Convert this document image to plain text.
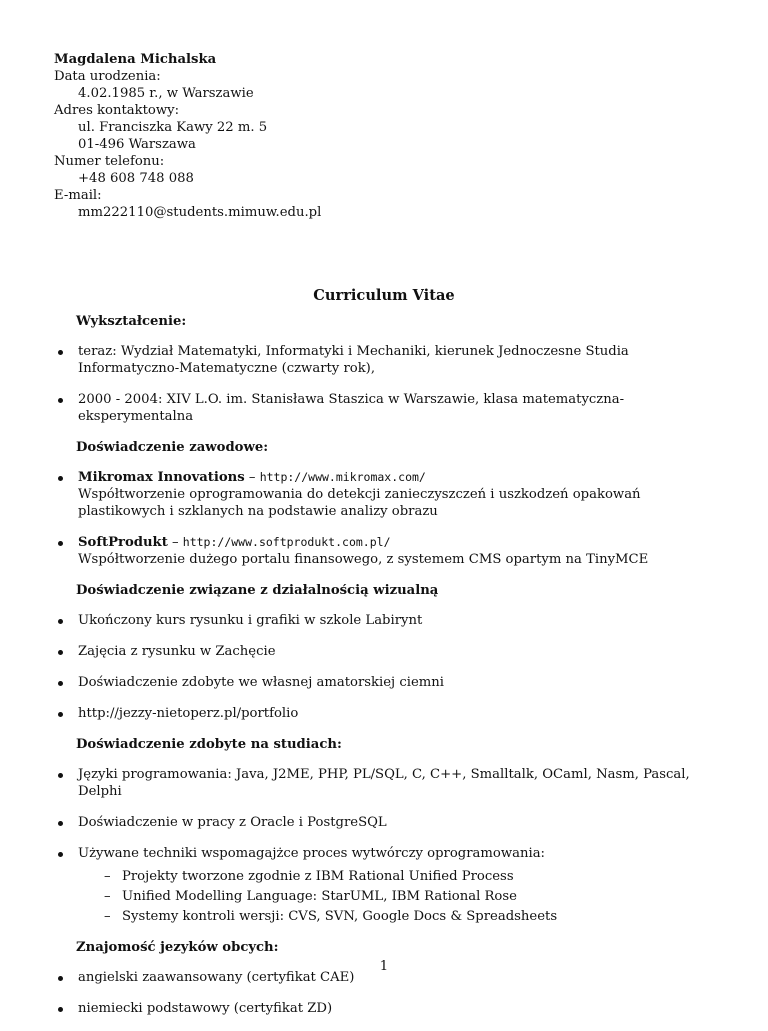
Magdalena Michalska
Data urodzenia:
4.02.1985 r., w Warszawie
Adres kontaktowy:
ul. Franciszka Kawy 22 m. 5
01-496 Warszawa
Numer telefonu:
+48 608 748 088
E-mail:
mm222110@students.mimuw.edu.pl
Curriculum Vitae
Wykształcenie:
teraz: Wydział Matematyki, Informatyki i Mechaniki, kierunek Jednoczesne Studia Informatyczno-Matematyczne (czwarty rok),
2000 - 2004: XIV L.O. im. Stanisława Staszica w Warszawie, klasa matematyczna-eksperymentalna
Doświadczenie zawodowe:
Mikromax Innovations – http://www.mikromax.com/
Współtworzenie oprogramowania do detekcji zanieczyszczeń i uszkodzeń opakowań plastikowych i szklanych na podstawie analizy obrazu
SoftProdukt – http://www.softprodukt.com.pl/
Współtworzenie dużego portalu finansowego, z systemem CMS opartym na TinyMCE
Doświadczenie związane z działalnością wizualną
Ukończony kurs rysunku i grafiki w szkole Labirynt
Zajęcia z rysunku w Zachęcie
Doświadczenie zdobyte we własnej amatorskiej ciemni
http://jezzy-nietoperz.pl/portfolio
Doświadczenie zdobyte na studiach:
Języki programowania: Java, J2ME, PHP, PL/SQL, C, C++, Smalltalk, OCaml, Nasm, Pascal, Delphi
Doświadczenie w pracy z Oracle i PostgreSQL
Używane techniki wspomagajżce proces wytwórczy oprogramowania:
– Projekty tworzone zgodnie z IBM Rational Unified Process
– Unified Modelling Language: StarUML, IBM Rational Rose
– Systemy kontroli wersji: CVS, SVN, Google Docs & Spreadsheets
Znajomość jezyków obcych:
angielski zaawansowany (certyfikat CAE)
niemiecki podstawowy (certyfikat ZD)
1
